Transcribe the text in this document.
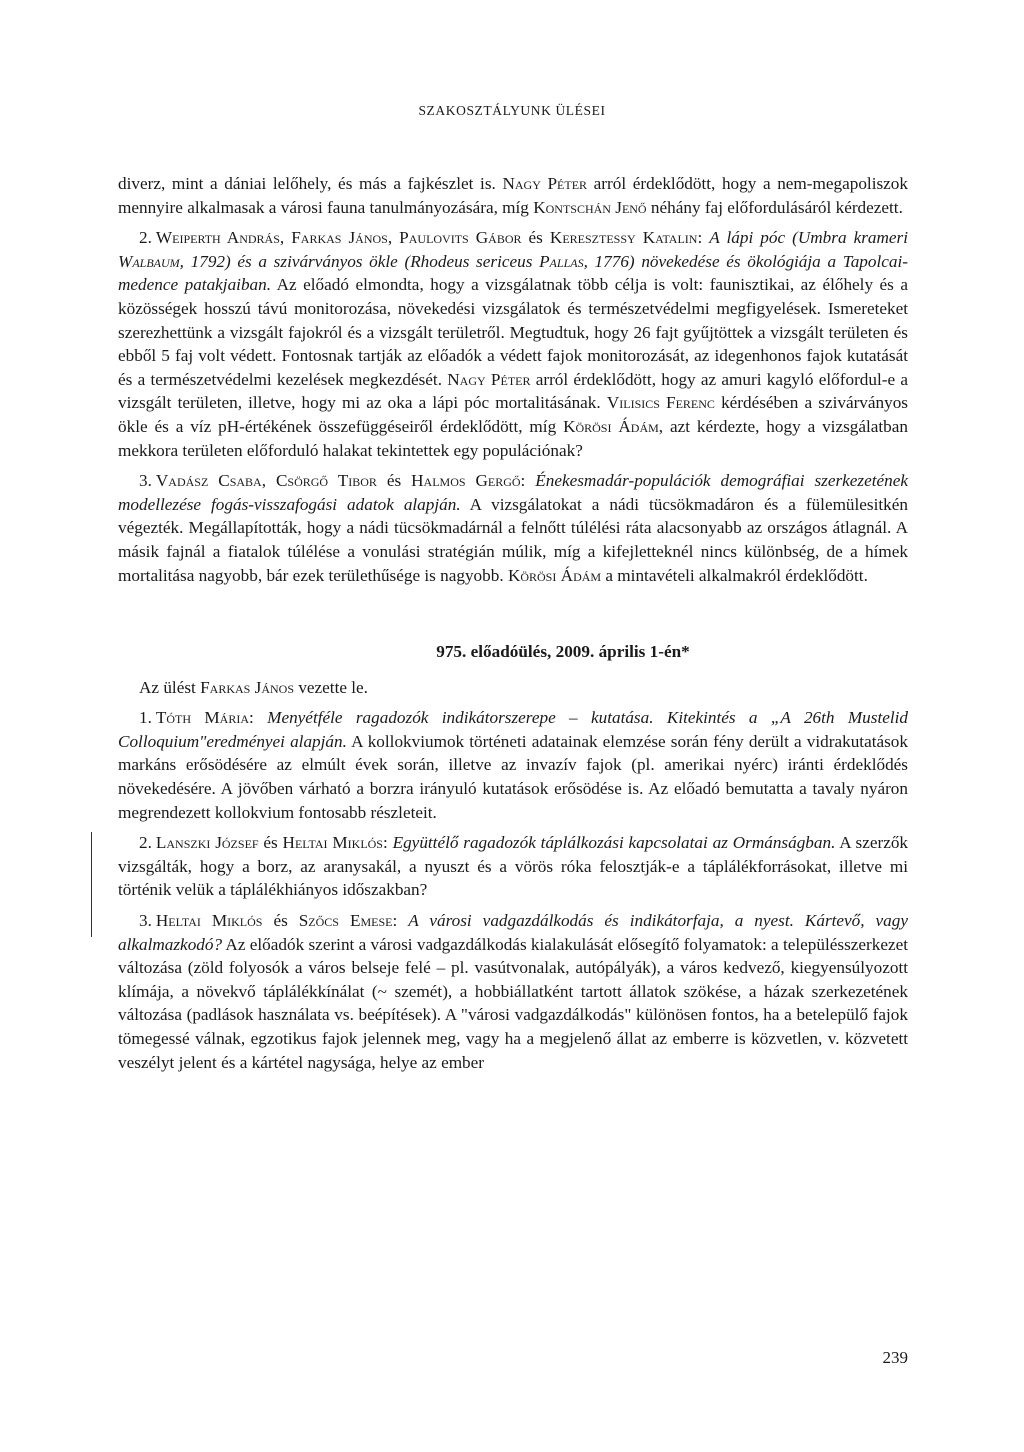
SZAKOSZTÁLYUNK ÜLÉSEI

diverz, mint a dániai lelőhely, és más a fajkészlet is. Nagy Péter arról érdeklődött, hogy a nem-megapoliszok mennyire alkalmasak a városi fauna tanulmányozására, míg Kontschán Jenő néhány faj előfordulásáról kérdezett.

2. Weiperth András, Farkas János, Paulovits Gábor és Keresztessy Katalin: A lápi póc (Umbra krameri Walbaum, 1792) és a szivárványos ökle (Rhodeus sericeus Pallas, 1776) növekedése és ökológiája a Tapolcai-medence patakjaiban. Az előadó elmondta, hogy a vizsgálatnak több célja is volt: faunisztikai, az élőhely és a közösségek hosszú távú monitorozása, növekedési vizsgálatok és természetvédelmi megfigyelések. Ismereteket szerezhettünk a vizsgált fajokról és a vizsgált területről. Megtudtuk, hogy 26 fajt gyűjtöttek a vizsgált területen és ebből 5 faj volt védett. Fontosnak tartják az előadók a védett fajok monitorozását, az idegenhonos fajok kutatását és a természetvédelmi kezelések megkezdését. Nagy Péter arról érdeklődött, hogy az amuri kagyló előfordul-e a vizsgált területen, illetve, hogy mi az oka a lápi póc mortalitásának. Vilisics Ferenc kérdésében a szivárványos ökle és a víz pH-értékének összefüggéseiről érdeklődött, míg Körösi Ádám, azt kérdezte, hogy a vizsgálatban mekkora területen előforduló halakat tekintettek egy populációnak?

3. Vadász Csaba, Csörgő Tibor és Halmos Gergő: Énekesmadár-populációk demográfiai szerkezetének modellezése fogás-visszafogási adatok alapján. A vizsgálatokat a nádi tücsökmadáron és a fülemülesitkén végezték. Megállapították, hogy a nádi tücsökmadárnál a felnőtt túlélési ráta alacsonyabb az országos átlagnál. A másik fajnál a fiatalok túlélése a vonulási stratégián múlik, míg a kifejletteknél nincs különbség, de a hímek mortalitása nagyobb, bár ezek területhűsége is nagyobb. Körösi Ádám a mintavételi alkalmakról érdeklődött.

975. előadóülés, 2009. április 1-én*

Az ülést Farkas János vezette le.

1. Tóth Mária: Menyétféle ragadozók indikátorszerepe – kutatása. Kitekintés a „A 26th Mustelid Colloquium"eredményei alapján. A kollokviumok történeti adatainak elemzése során fény derült a vidrakutatások markáns erősödésére az elmúlt évek során, illetve az invazív fajok (pl. amerikai nyérc) iránti érdeklődés növekedésére. A jövőben várható a borzra irányuló kutatások erősödése is. Az előadó bemutatta a tavaly nyáron megrendezett kollokvium fontosabb részleteit.

2. Lanszki József és Heltai Miklós: Együttélő ragadozók táplálkozási kapcsolatai az Ormánságban. A szerzők vizsgálták, hogy a borz, az aranysakál, a nyuszt és a vörös róka felosztják-e a táplálékforrásokat, illetve mi történik velük a táplálékhiányos időszakban?

3. Heltai Miklós és Szőcs Emese: A városi vadgazdálkodás és indikátorfaja, a nyest. Kártevő, vagy alkalmazkodó? Az előadók szerint a városi vadgazdálkodás kialakulását elősegítő folyamatok: a településszerkezet változása (zöld folyosók a város belseje felé – pl. vasútvonalak, autópályák), a város kedvező, kiegyensúlyozott klímája, a növekvő táplálékkínálat (~ szemét), a hobbiállatként tartott állatok szökése, a házak szerkezetének változása (padlások használata vs. beépítések). A "városi vadgazdálkodás" különösen fontos, ha a betelepülő fajok tömegessé válnak, egzotikus fajok jelennek meg, vagy ha a megjelenő állat az emberre is közvetlen, v. közvetett veszélyt jelent és a kártétel nagysága, helye az ember

239
